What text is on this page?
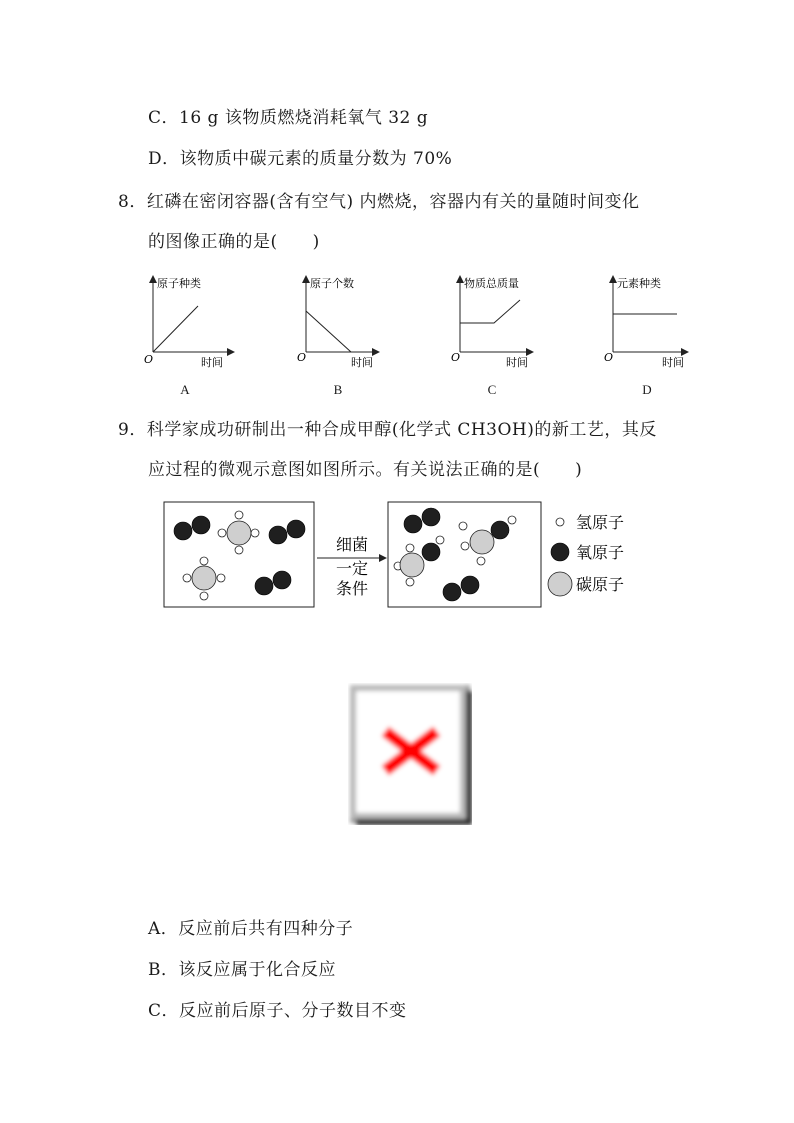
C．16 g 该物质燃烧消耗氧气 32 g
D．该物质中碳元素的质量分数为 70%
8．红磷在密闭容器(含有空气) 内燃烧，容器内有关的量随时间变化
的图像正确的是(　　)
原子种类
O	时间
A
原子个数
O	时间
B
物质总质量
O	时间
C
元素种类
O	时间
D
9．科学家成功研制出一种合成甲醇(化学式 CH3OH)的新工艺，其反
应过程的微观示意图如图所示。有关说法正确的是(　　)
细菌
一定
条件
氢原子
氧原子
碳原子
A．反应前后共有四种分子
B．该反应属于化合反应
C．反应前后原子、分子数目不变
